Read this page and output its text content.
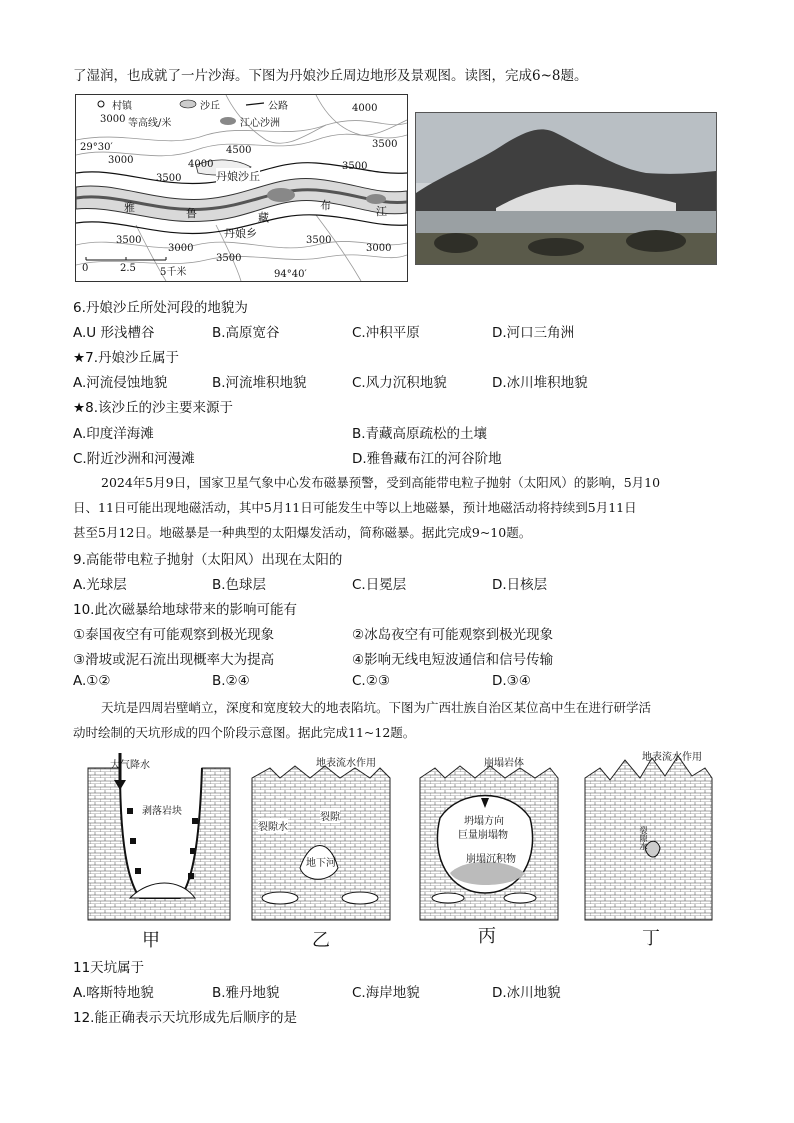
了湿润，也成就了一片沙海。下图为丹娘沙丘周边地形及景观图。读图，完成6~8题。
村镇	沙丘	公路
3000 等高线/米	江心沙洲
29°30′
94°40′
丹娘沙丘
雅	鲁	藏
布	江
丹娘乡
3000
3500
4000
4500
3500
4000
3500
3500
3000
3500
3000
3500
0	2.5 5千米
6.丹娘沙丘所处河段的地貌为
A.U 形浅槽谷	B.高原宽谷	C.冲积平原	D.河口三角洲
★7.丹娘沙丘属于
A.河流侵蚀地貌	B.河流堆积地貌	C.风力沉积地貌	D.冰川堆积地貌
★8.该沙丘的沙主要来源于
A.印度洋海滩	B.青藏高原疏松的土壤
C.附近沙洲和河漫滩	D.雅鲁藏布江的河谷阶地
2024年5月9日，国家卫星气象中心发布磁暴预警，受到高能带电粒子抛射（太阳风）的影响，5月10
日、11日可能出现地磁活动，其中5月11日可能发生中等以上地磁暴，预计地磁活动将持续到5月11日
甚至5月12日。地磁暴是一种典型的太阳爆发活动，简称磁暴。据此完成9~10题。
9.高能带电粒子抛射（太阳风）出现在太阳的
A.光球层	B.色球层	C.日冕层	D.日核层
10.此次磁暴给地球带来的影响可能有
①泰国夜空有可能观察到极光现象	②冰岛夜空有可能观察到极光现象
③滑坡或泥石流出现概率大为提高	④影响无线电短波通信和信号传输
A.①②	B.②④	C.②③	D.③④
天坑是四周岩壁峭立，深度和宽度较大的地表陷坑。下图为广西壮族自治区某位高中生在进行研学活
动时绘制的天坑形成的四个阶段示意图。据此完成11~12题。
大气降水
剥落岩块
地表流水作用
裂隙水
裂隙
地下河
崩塌岩体
坍塌方向
巨量崩塌物
崩塌沉积物
地表流水作用
裂隙水
甲	乙	丙	丁
11天坑属于
A.喀斯特地貌	B.雅丹地貌	C.海岸地貌	D.冰川地貌
12.能正确表示天坑形成先后顺序的是
